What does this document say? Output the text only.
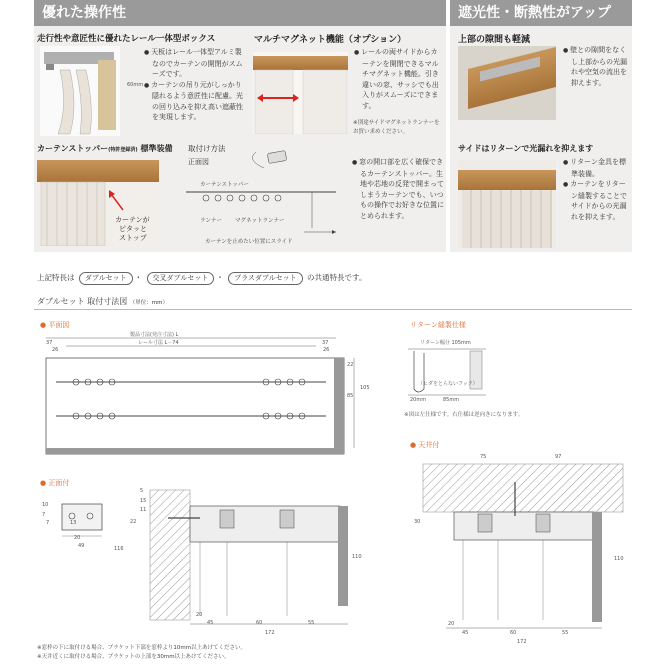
優れた操作性
走行性や意匠性に優れたレール一体型ボックス
60mm

● 天板はレール一体型アルミ製なのでカーテンの開閉がスムーズです。

● カーテンの吊り元がしっかり隠れるよう意匠性に配慮。光の回り込みを抑え高い遮蔽性を実現します。

マルチマグネット機能（オプション）

● レールの両サイドからカーテンを開閉できるマルチマグネット機能。引き違いの窓、サッシでも出入りがスムーズにできます。

※別途サイドマグネットランナーをお買い求めください。
カーテンストッパー(特許登録済) 標準装備
カーテンが
ピタッと
ストップ
取付け方法
正面図
カーテンストッパー
ランナー マグネットランナー
カーテンを止めたい位置にスライド

● 窓の開口部を広く確保できるカーテンストッパー。生地や芯地の反発で開まってしまうカーテンでも、いつもの操作でお好きな位置にとめられます。

遮光性・断熱性がアップ
上部の隙間も軽減

● 壁との隙間をなくし上部からの光漏れや空気の流出を抑えます。

サイドはリターンで光漏れを抑えます

● リターン金具を標準装備。

● カーテンをリターン縫製することでサイドからの光漏れを抑えます。

上記特長は ダブルセット ・ 交叉ダブルセット ・ プラスダブルセット の共通特長です。
ダブルセット 取付寸法図 （単位：mm）
● 平面図
製品寸法(発注寸法) L
レール寸法 L－74
37	37
26	26
22
105
85
リターン縫製仕様
リターン幅分 105mm
（ヒダをとらないフック）
20mm	85mm
※図は左仕様です。右仕様は逆向きになります。
● 天井付
75	97
30
110
20
45	60	55
172
● 正面付
10
7
7	13
20
49
5
15
11
22
116
110
20
45	60	55
172
※窓枠の下に取付ける場合、ブラケット下部を窓枠より10mm以上あけてください。
※天井近くに取付ける場合、ブラケットの上部を30mm以上あけてください。
